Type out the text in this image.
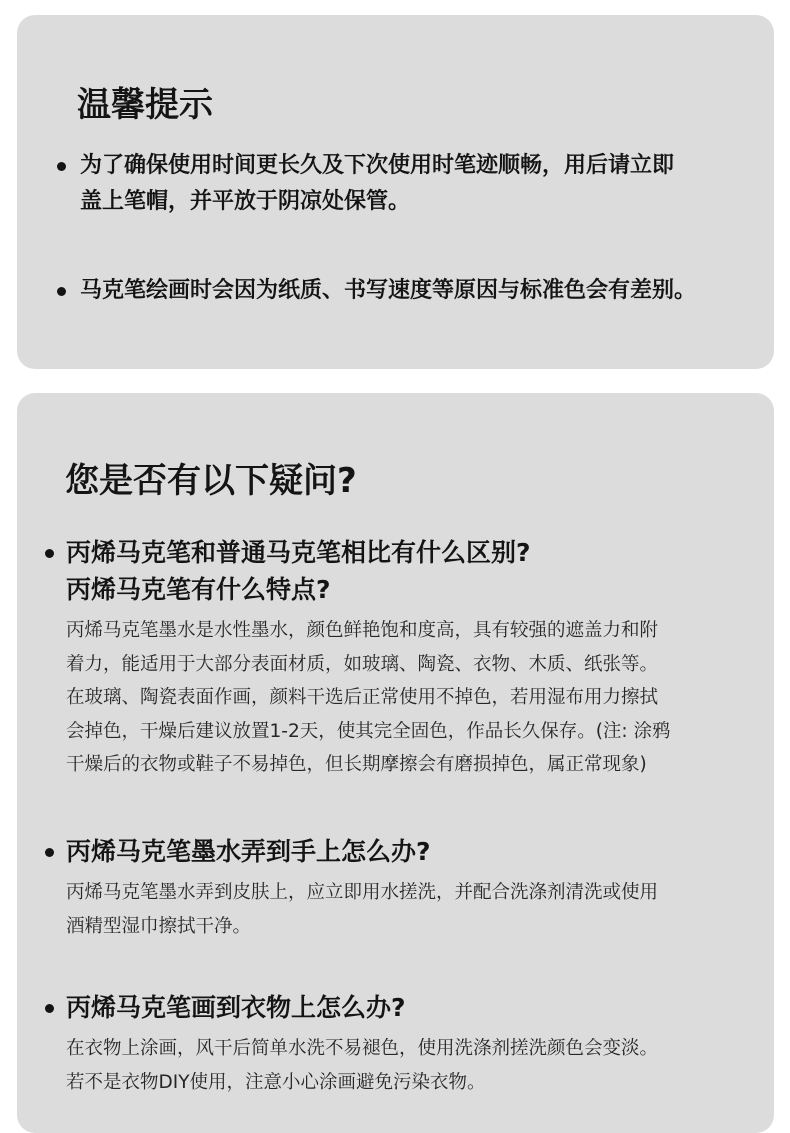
温馨提示
为了确保使用时间更长久及下次使用时笔迹顺畅，用后请立即
盖上笔帽，并平放于阴凉处保管。
马克笔绘画时会因为纸质、书写速度等原因与标准色会有差别。
您是否有以下疑问?
丙烯马克笔和普通马克笔相比有什么区别?
丙烯马克笔有什么特点?
丙烯马克笔墨水是水性墨水，颜色鲜艳饱和度高，具有较强的遮盖力和附
着力，能适用于大部分表面材质，如玻璃、陶瓷、衣物、木质、纸张等。
在玻璃、陶瓷表面作画，颜料干选后正常使用不掉色，若用湿布用力擦拭
会掉色，干燥后建议放置1-2天，使其完全固色，作品长久保存。(注: 涂鸦
干燥后的衣物或鞋子不易掉色，但长期摩擦会有磨损掉色，属正常现象)
丙烯马克笔墨水弄到手上怎么办?
丙烯马克笔墨水弄到皮肤上，应立即用水搓洗，并配合洗涤剂清洗或使用
酒精型湿巾擦拭干净。
丙烯马克笔画到衣物上怎么办?
在衣物上涂画，风干后简单水洗不易褪色，使用洗涤剂搓洗颜色会变淡。
若不是衣物DIY使用，注意小心涂画避免污染衣物。
